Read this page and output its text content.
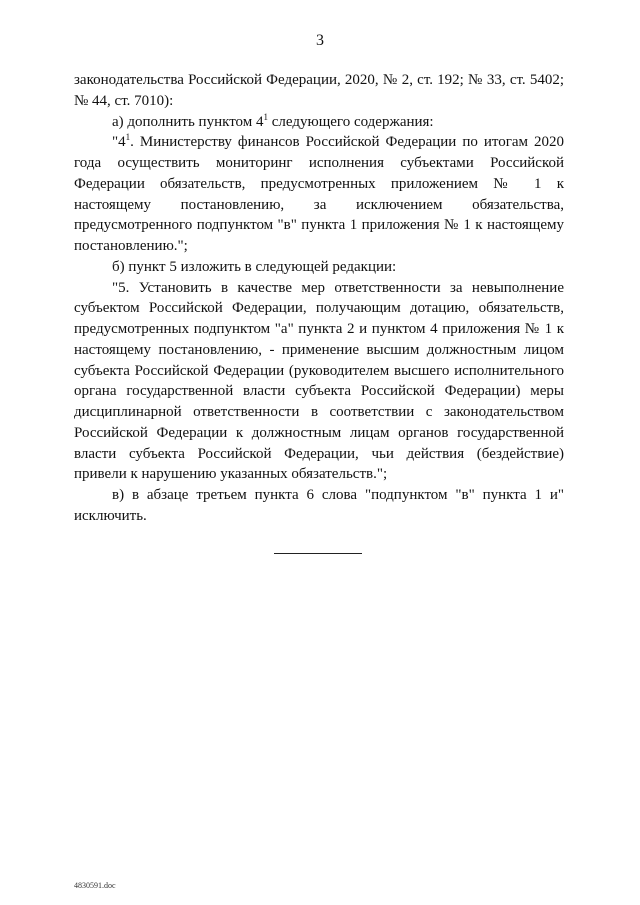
3

законодательства Российской Федерации, 2020, № 2, ст. 192; № 33, ст. 5402; № 44, ст. 7010):

а) дополнить пунктом $4^1$ следующего содержания:

"$4^1$. Министерству финансов Российской Федерации по итогам 2020 года осуществить мониторинг исполнения субъектами Российской Федерации обязательств, предусмотренных приложением № 1 к настоящему постановлению, за исключением обязательства, предусмотренного подпунктом "в" пункта 1 приложения № 1 к настоящему постановлению.";

б) пункт 5 изложить в следующей редакции:

"5. Установить в качестве мер ответственности за невыполнение субъектом Российской Федерации, получающим дотацию, обязательств, предусмотренных подпунктом "а" пункта 2 и пунктом 4 приложения № 1 к настоящему постановлению, - применение высшим должностным лицом субъекта Российской Федерации (руководителем высшего исполнительного органа государственной власти субъекта Российской Федерации) меры дисциплинарной ответственности в соответствии с законодательством Российской Федерации к должностным лицам органов государственной власти субъекта Российской Федерации, чьи действия (бездействие) привели к нарушению указанных обязательств.";

в) в абзаце третьем пункта 6 слова "подпунктом "в" пункта 1 и" исключить.

4830591.doc
